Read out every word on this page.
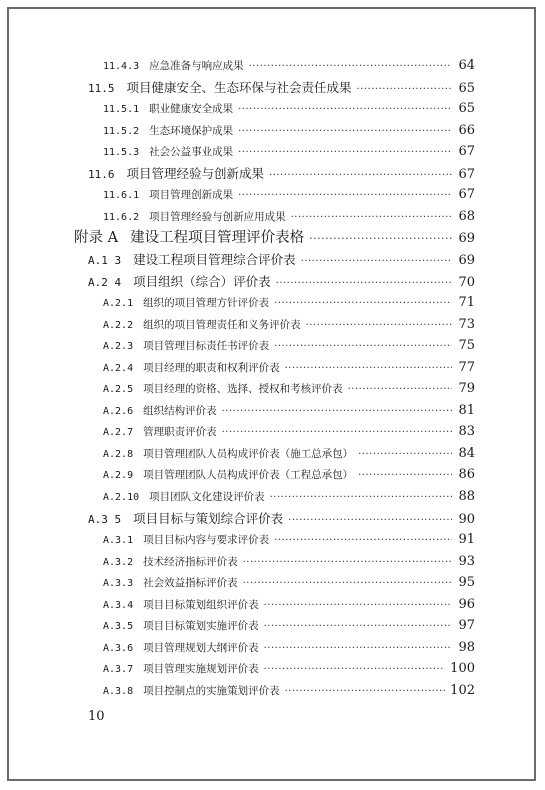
11.4.3 应急准备与响应成果 ·····	64
11.5 项目健康安全、生态环保与社会责任成果 ·····	65
11.5.1 职业健康安全成果 ·····	65
11.5.2 生态环境保护成果 ·····	66
11.5.3 社会公益事业成果 ·····	67
11.6 项目管理经验与创新成果 ·····	67
11.6.1 项目管理创新成果 ·····	67
11.6.2 项目管理经验与创新应用成果 ·····	68
附录 A 建设工程项目管理评价表格 ·····	69
A.1 3 建设工程项目管理综合评价表 ·····	69
A.2 4 项目组织（综合）评价表 ·····	70
A.2.1 组织的项目管理方针评价表 ·····	71
A.2.2 组织的项目管理责任和义务评价表 ·····	73
A.2.3 项目管理目标责任书评价表 ·····	75
A.2.4 项目经理的职责和权利评价表 ·····	77
A.2.5 项目经理的资格、选择、授权和考核评价表 ·····	79
A.2.6 组织结构评价表 ·····	81
A.2.7 管理职责评价表 ·····	83
A.2.8 项目管理团队人员构成评价表（施工总承包） ·····	84
A.2.9 项目管理团队人员构成评价表（工程总承包） ·····	86
A.2.10 项目团队文化建设评价表 ·····	88
A.3 5 项目目标与策划综合评价表 ·····	90
A.3.1 项目目标内容与要求评价表 ·····	91
A.3.2 技术经济指标评价表 ·····	93
A.3.3 社会效益指标评价表 ·····	95
A.3.4 项目目标策划组织评价表 ·····	96
A.3.5 项目目标策划实施评价表 ·····	97
A.3.6 项目管理规划大纲评价表 ·····	98
A.3.7 项目管理实施规划评价表 ·····	100
A.3.8 项目控制点的实施策划评价表 ·····	102
10
